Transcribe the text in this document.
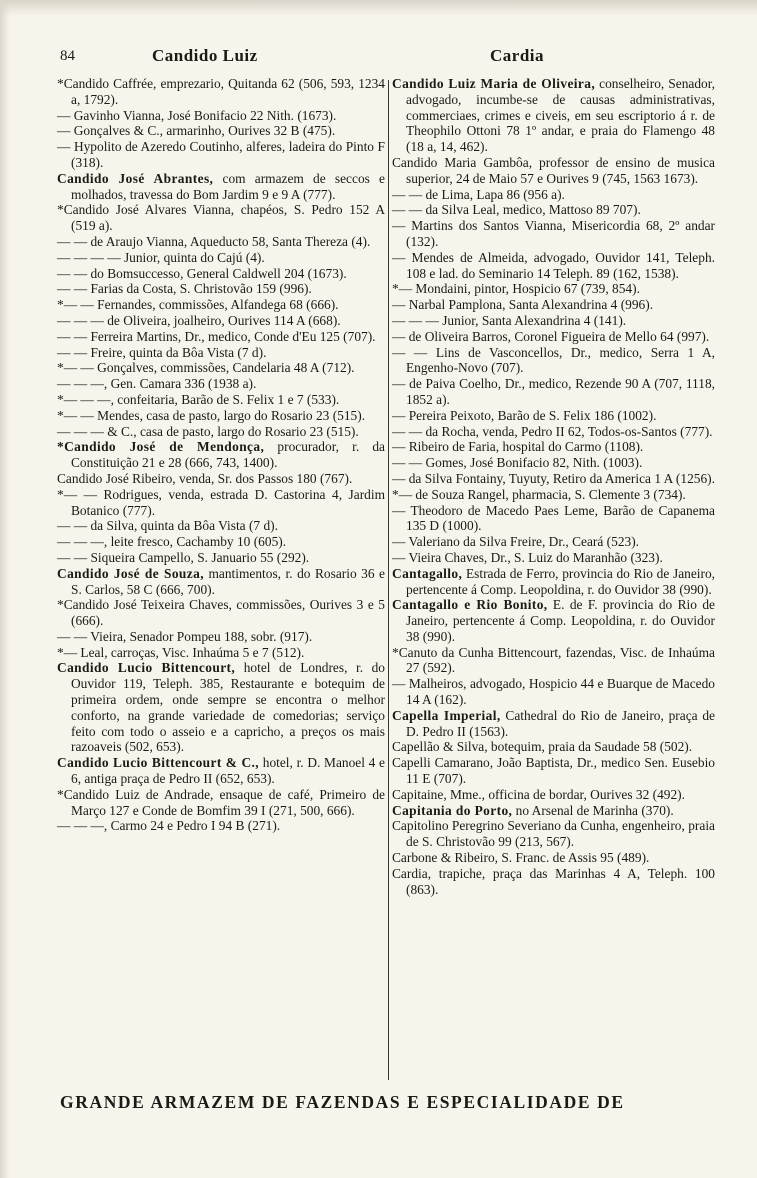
84	Candido Luiz	Cardia

*Candido Caffrée, emprezario, Quitanda 62 (506, 593, 1234 a, 1792).

— Gavinho Vianna, José Bonifacio 22 Nith. (1673).

— Gonçalves & C., armarinho, Ourives 32 B (475).

— Hypolito de Azeredo Coutinho, alferes, ladeira do Pinto F (318).

Candido José Abrantes, com armazem de seccos e molhados, travessa do Bom Jardim 9 e 9 A (777).

*Candido José Alvares Vianna, chapéos, S. Pedro 152 A (519 a).

— — de Araujo Vianna, Aqueducto 58, Santa Thereza (4).

— — — — Junior, quinta do Cajú (4).

— — do Bomsuccesso, General Caldwell 204 (1673).

— — Farias da Costa, S. Christovão 159 (996).

*— — Fernandes, commissões, Alfandega 68 (666).

— — — de Oliveira, joalheiro, Ourives 114 A (668).

— — Ferreira Martins, Dr., medico, Conde d'Eu 125 (707).

— — Freire, quinta da Bôa Vista (7 d).

*— — Gonçalves, commissões, Candelaria 48 A (712).

— — —, Gen. Camara 336 (1938 a).

*— — —, confeitaria, Barão de S. Felix 1 e 7 (533).

*— — Mendes, casa de pasto, largo do Rosario 23 (515).

— — — & C., casa de pasto, largo do Rosario 23 (515).

*Candido José de Mendonça, procurador, r. da Constituição 21 e 28 (666, 743, 1400).

Candido José Ribeiro, venda, Sr. dos Passos 180 (767).

*— — Rodrigues, venda, estrada D. Castorina 4, Jardim Botanico (777).

— — da Silva, quinta da Bôa Vista (7 d).

— — —, leite fresco, Cachamby 10 (605).

— — Siqueira Campello, S. Januario 55 (292).

Candido José de Souza, mantimentos, r. do Rosario 36 e S. Carlos, 58 C (666, 700).

*Candido José Teixeira Chaves, commissões, Ourives 3 e 5 (666).

— — Vieira, Senador Pompeu 188, sobr. (917).

*— Leal, carroças, Visc. Inhaúma 5 e 7 (512).

Candido Lucio Bittencourt, hotel de Londres, r. do Ouvidor 119, Teleph. 385, Restaurante e botequim de primeira ordem, onde sempre se encontra o melhor conforto, na grande variedade de comedorias; serviço feito com todo o asseio e a capricho, a preços os mais razoaveis (502, 653).

Candido Lucio Bittencourt & C., hotel, r. D. Manoel 4 e 6, antiga praça de Pedro II (652, 653).

*Candido Luiz de Andrade, ensaque de café, Primeiro de Março 127 e Conde de Bomfim 39 I (271, 500, 666).

— — —, Carmo 24 e Pedro I 94 B (271).

Candido Luiz Maria de Oliveira, conselheiro, Senador, advogado, incumbe-se de causas administrativas, commerciaes, crimes e civeis, em seu escriptorio á r. de Theophilo Ottoni 78 1º andar, e praia do Flamengo 48 (18 a, 14, 462).

Candido Maria Gambôa, professor de ensino de musica superior, 24 de Maio 57 e Ourives 9 (745, 1563 1673).

— — de Lima, Lapa 86 (956 a).

— — da Silva Leal, medico, Mattoso 89 707).

— Martins dos Santos Vianna, Misericordia 68, 2º andar (132).

— Mendes de Almeida, advogado, Ouvidor 141, Teleph. 108 e lad. do Seminario 14 Teleph. 89 (162, 1538).

*— Mondaini, pintor, Hospicio 67 (739, 854).

— Narbal Pamplona, Santa Alexandrina 4 (996).

— — — Junior, Santa Alexandrina 4 (141).

— de Oliveira Barros, Coronel Figueira de Mello 64 (997).

— — Lins de Vasconcellos, Dr., medico, Serra 1 A, Engenho-Novo (707).

— de Paiva Coelho, Dr., medico, Rezende 90 A (707, 1118, 1852 a).

— Pereira Peixoto, Barão de S. Felix 186 (1002).

— — da Rocha, venda, Pedro II 62, Todos-os-Santos (777).

— Ribeiro de Faria, hospital do Carmo (1108).

— — Gomes, José Bonifacio 82, Nith. (1003).

— da Silva Fontainy, Tuyuty, Retiro da America 1 A (1256).

*— de Souza Rangel, pharmacia, S. Clemente 3 (734).

— Theodoro de Macedo Paes Leme, Barão de Capanema 135 D (1000).

— Valeriano da Silva Freire, Dr., Ceará (523).

— Vieira Chaves, Dr., S. Luiz do Maranhão (323).

Cantagallo, Estrada de Ferro, provincia do Rio de Janeiro, pertencente á Comp. Leopoldina, r. do Ouvidor 38 (990).

Cantagallo e Rio Bonito, E. de F. provincia do Rio de Janeiro, pertencente á Comp. Leopoldina, r. do Ouvidor 38 (990).

*Canuto da Cunha Bittencourt, fazendas, Visc. de Inhaúma 27 (592).

— Malheiros, advogado, Hospicio 44 e Buarque de Macedo 14 A (162).

Capella Imperial, Cathedral do Rio de Janeiro, praça de D. Pedro II (1563).

Capellão & Silva, botequim, praia da Saudade 58 (502).

Capelli Camarano, João Baptista, Dr., medico Sen. Eusebio 11 E (707).

Capitaine, Mme., officina de bordar, Ourives 32 (492).

Capitania do Porto, no Arsenal de Marinha (370).

Capitolino Peregrino Severiano da Cunha, engenheiro, praia de S. Christovão 99 (213, 567).

Carbone & Ribeiro, S. Franc. de Assis 95 (489).

Cardia, trapiche, praça das Marinhas 4 A, Teleph. 100 (863).

GRANDE ARMAZEM DE FAZENDAS E ESPECIALIDADE DE
